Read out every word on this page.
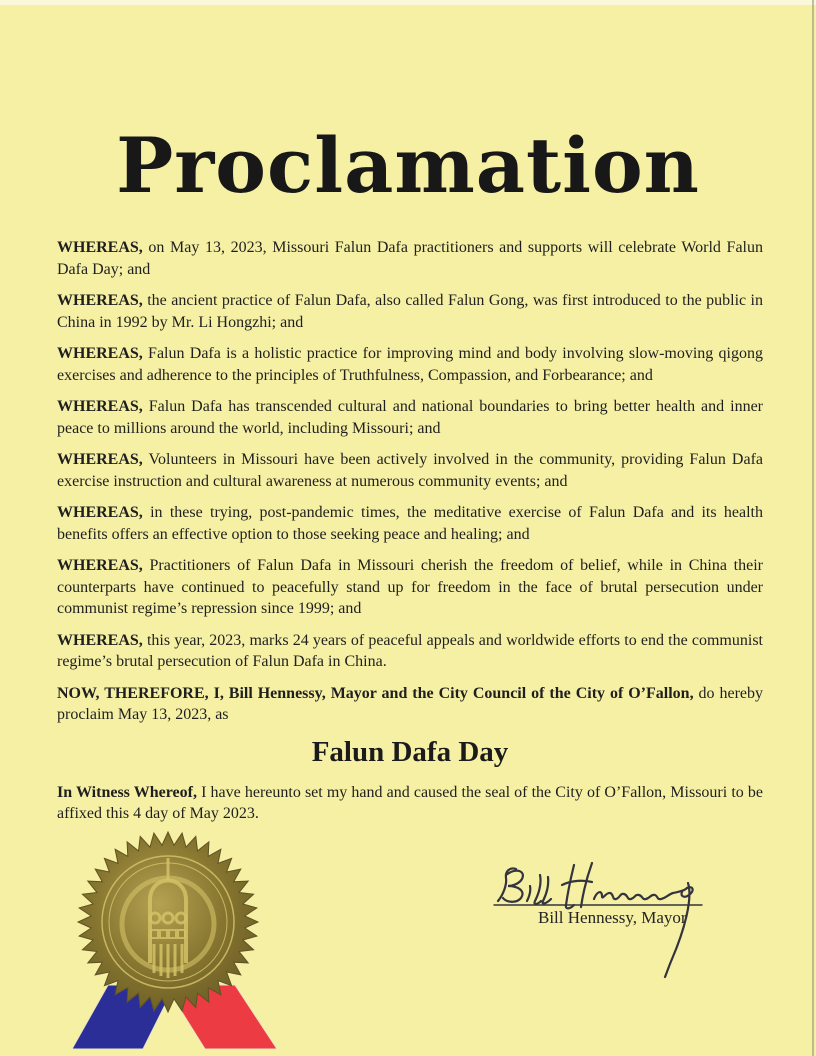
Proclamation

WHEREAS, on May 13, 2023, Missouri Falun Dafa practitioners and supports will celebrate World Falun Dafa Day; and

WHEREAS, the ancient practice of Falun Dafa, also called Falun Gong, was first introduced to the public in China in 1992 by Mr. Li Hongzhi; and

WHEREAS, Falun Dafa is a holistic practice for improving mind and body involving slow-moving qigong exercises and adherence to the principles of Truthfulness, Compassion, and Forbearance; and

WHEREAS, Falun Dafa has transcended cultural and national boundaries to bring better health and inner peace to millions around the world, including Missouri; and

WHEREAS, Volunteers in Missouri have been actively involved in the community, providing Falun Dafa exercise instruction and cultural awareness at numerous community events; and

WHEREAS, in these trying, post-pandemic times, the meditative exercise of Falun Dafa and its health benefits offers an effective option to those seeking peace and healing; and

WHEREAS, Practitioners of Falun Dafa in Missouri cherish the freedom of belief, while in China their counterparts have continued to peacefully stand up for freedom in the face of brutal persecution under communist regime’s repression since 1999; and

WHEREAS, this year, 2023, marks 24 years of peaceful appeals and worldwide efforts to end the communist regime’s brutal persecution of Falun Dafa in China.

NOW, THEREFORE, I, Bill Hennessy, Mayor and the City Council of the City of O’Fallon, do hereby proclaim May 13, 2023, as

Falun Dafa Day

In Witness Whereof, I have hereunto set my hand and caused the seal of the City of O’Fallon, Missouri to be affixed this 4 day of May 2023.

Bill Hennessy, Mayor
